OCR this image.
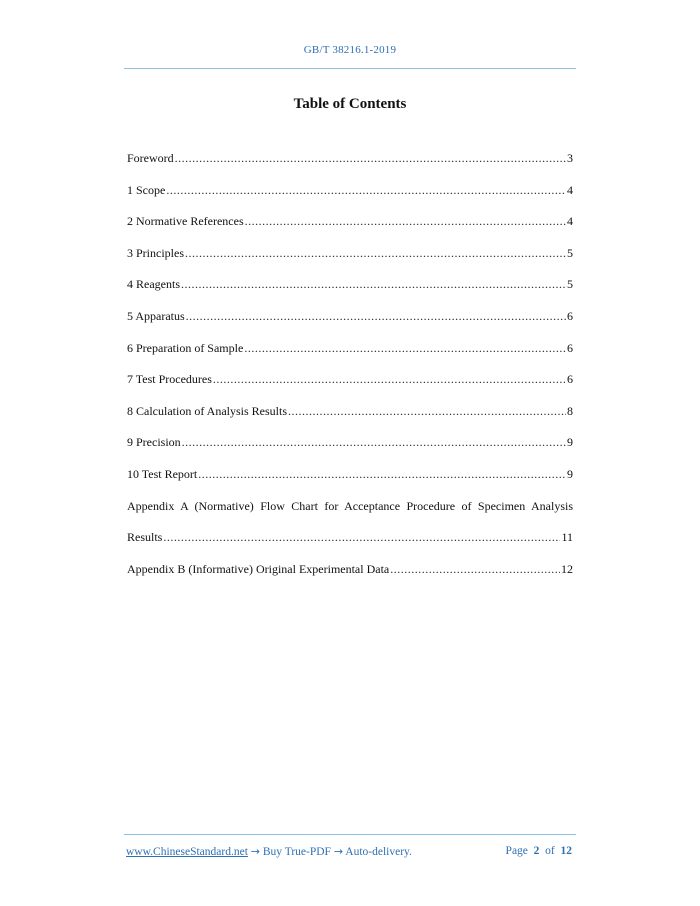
GB/T 38216.1-2019
Table of Contents
Foreword .....	3
1 Scope .....	4
2 Normative References .....	4
3 Principles .....	5
4 Reagents .....	5
5 Apparatus .....	6
6 Preparation of Sample .....	6
7 Test Procedures .....	6
8 Calculation of Analysis Results .....	8
9 Precision .....	9
10 Test Report .....	9
Appendix A (Normative) Flow Chart for Acceptance Procedure of Specimen Analysis
Results .....	11
Appendix B (Informative) Original Experimental Data .....	12
www.ChineseStandard.net → Buy True-PDF → Auto-delivery.	Page 2 of 12
